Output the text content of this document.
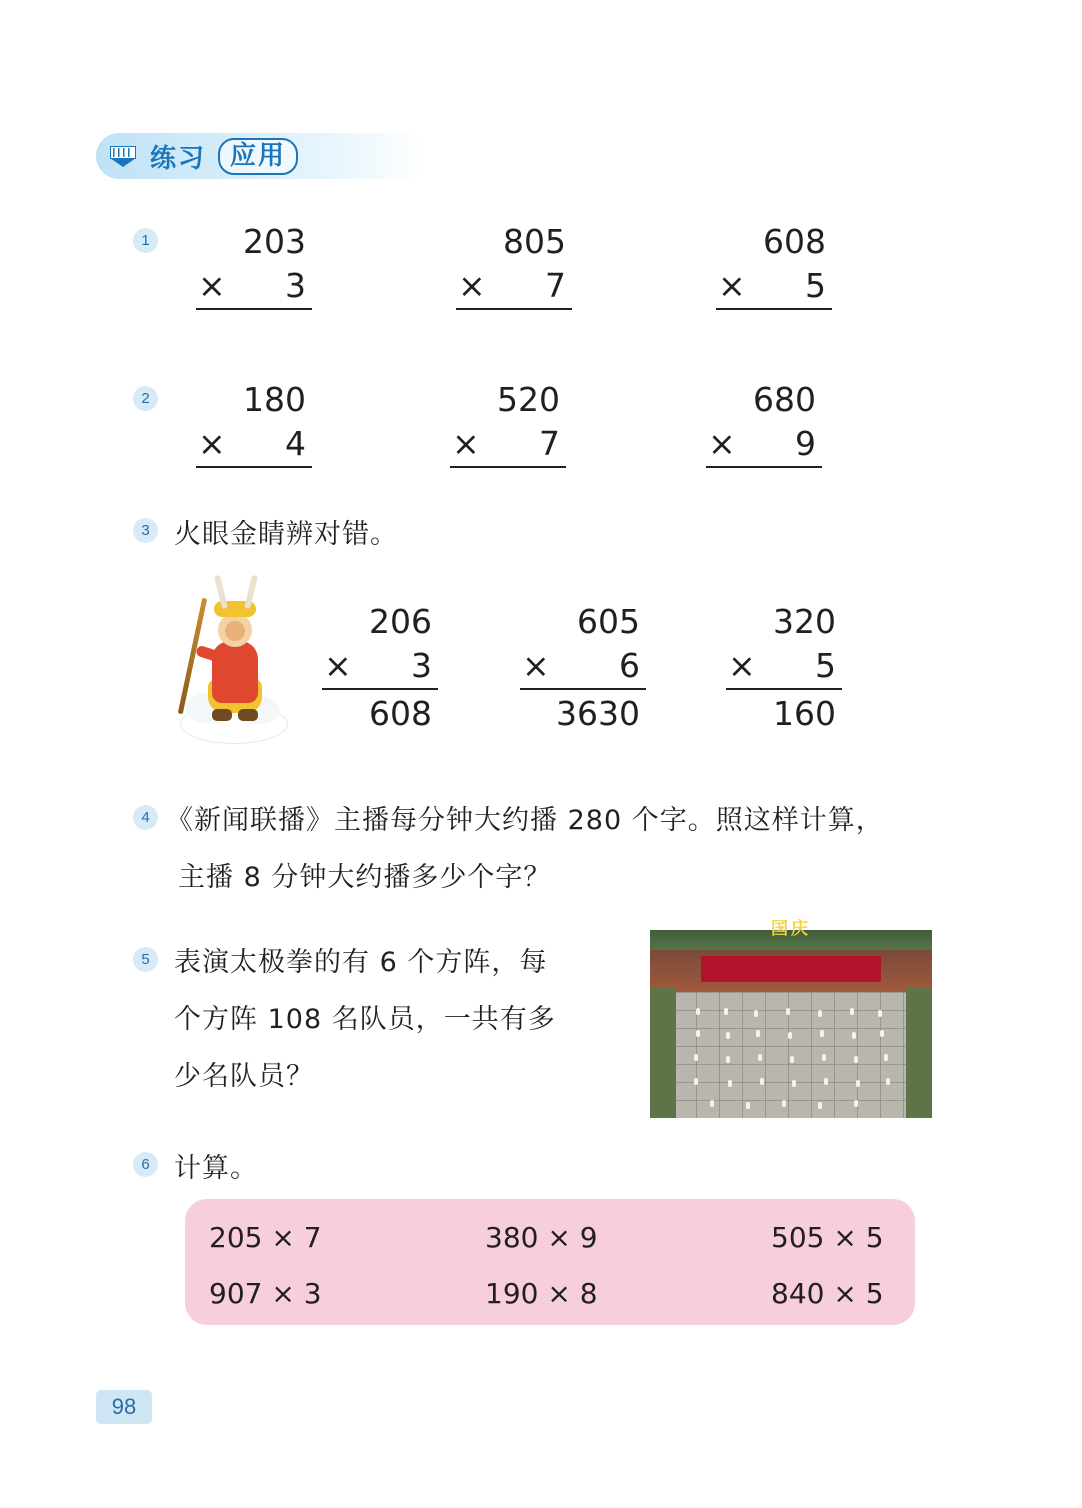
练习 应用
1	203
× 3
805
× 7
608
× 5
2	180
× 4
520
× 7
680
× 9
3 火眼金睛辨对错。
206
× 3
608
605
× 6
3630
320
× 5
160
4 《新闻联播》主播每分钟大约播 280 个字。照这样计算，
主播 8 分钟大约播多少个字？
5 表演太极拳的有 6 个方阵，每
个方阵 108 名队员，一共有多
少名队员？
国庆
6 计算。
205 × 7	380 × 9	505 × 5
907 × 3	190 × 8	840 × 5
98
